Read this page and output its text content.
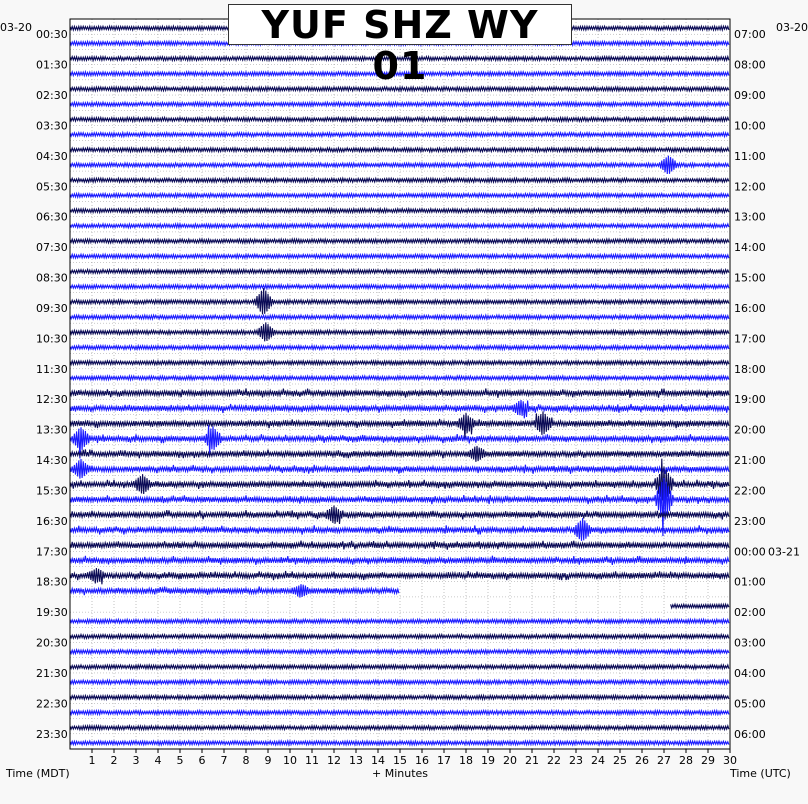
1 2 3 4 5 6 7 8 9 10 11 12 13 14 15 16 17 18 19 20 21 22 23 24 25 26 27 28 29 30
00:30
01:30
02:30
03:30
04:30
05:30
06:30
07:30
08:30
09:30
10:30
11:30
12:30
13:30
14:30
15:30
16:30
17:30
18:30
19:30
20:30
21:30
22:30
23:30
07:00
08:00
09:00
10:00
11:00
12:00
13:00
14:00
15:00
16:00
17:00
18:00
19:00
20:00
21:00
22:00
23:00
00:00 03-21
01:00
02:00
03:00
04:00
05:00
06:00
YUF SHZ WY 01
03-20	03-20
Time (MDT)	+ Minutes	Time (UTC)
